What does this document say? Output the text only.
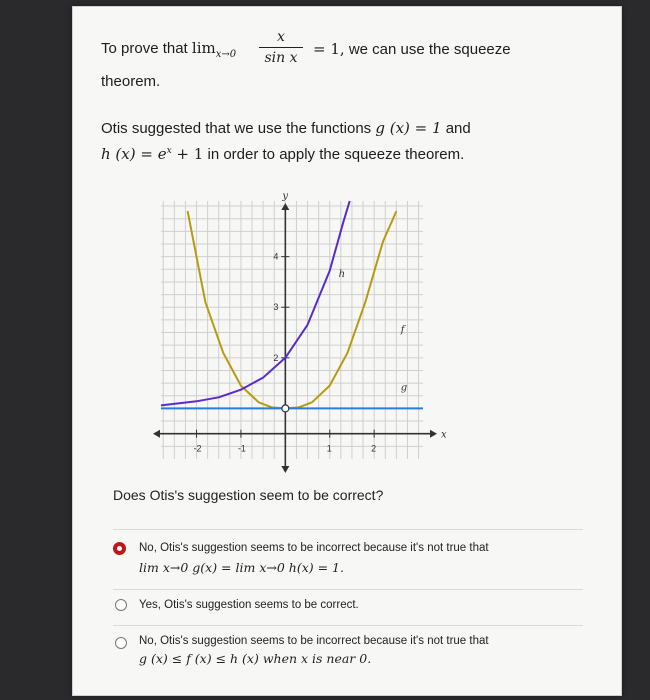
To prove that $\lim_{x\to 0}$
x
sin x	= 1, we can use the squeeze
theorem.
Otis suggested that we use the functions g (x) = 1 and
h $(x) = e^x + 1$ in order to apply the squeeze theorem.
x
y
-2	-1	1	2
2
3
4
h
f
g
Does Otis's suggestion seem to be correct?
No, Otis's suggestion seems to be incorrect because it's not true that
lim x→0 g(x) = lim x→0 h(x) = 1.
Yes, Otis's suggestion seems to be correct.
No, Otis's suggestion seems to be incorrect because it's not true that
g (x) ≤ f (x) ≤ h (x) when x is near 0.
